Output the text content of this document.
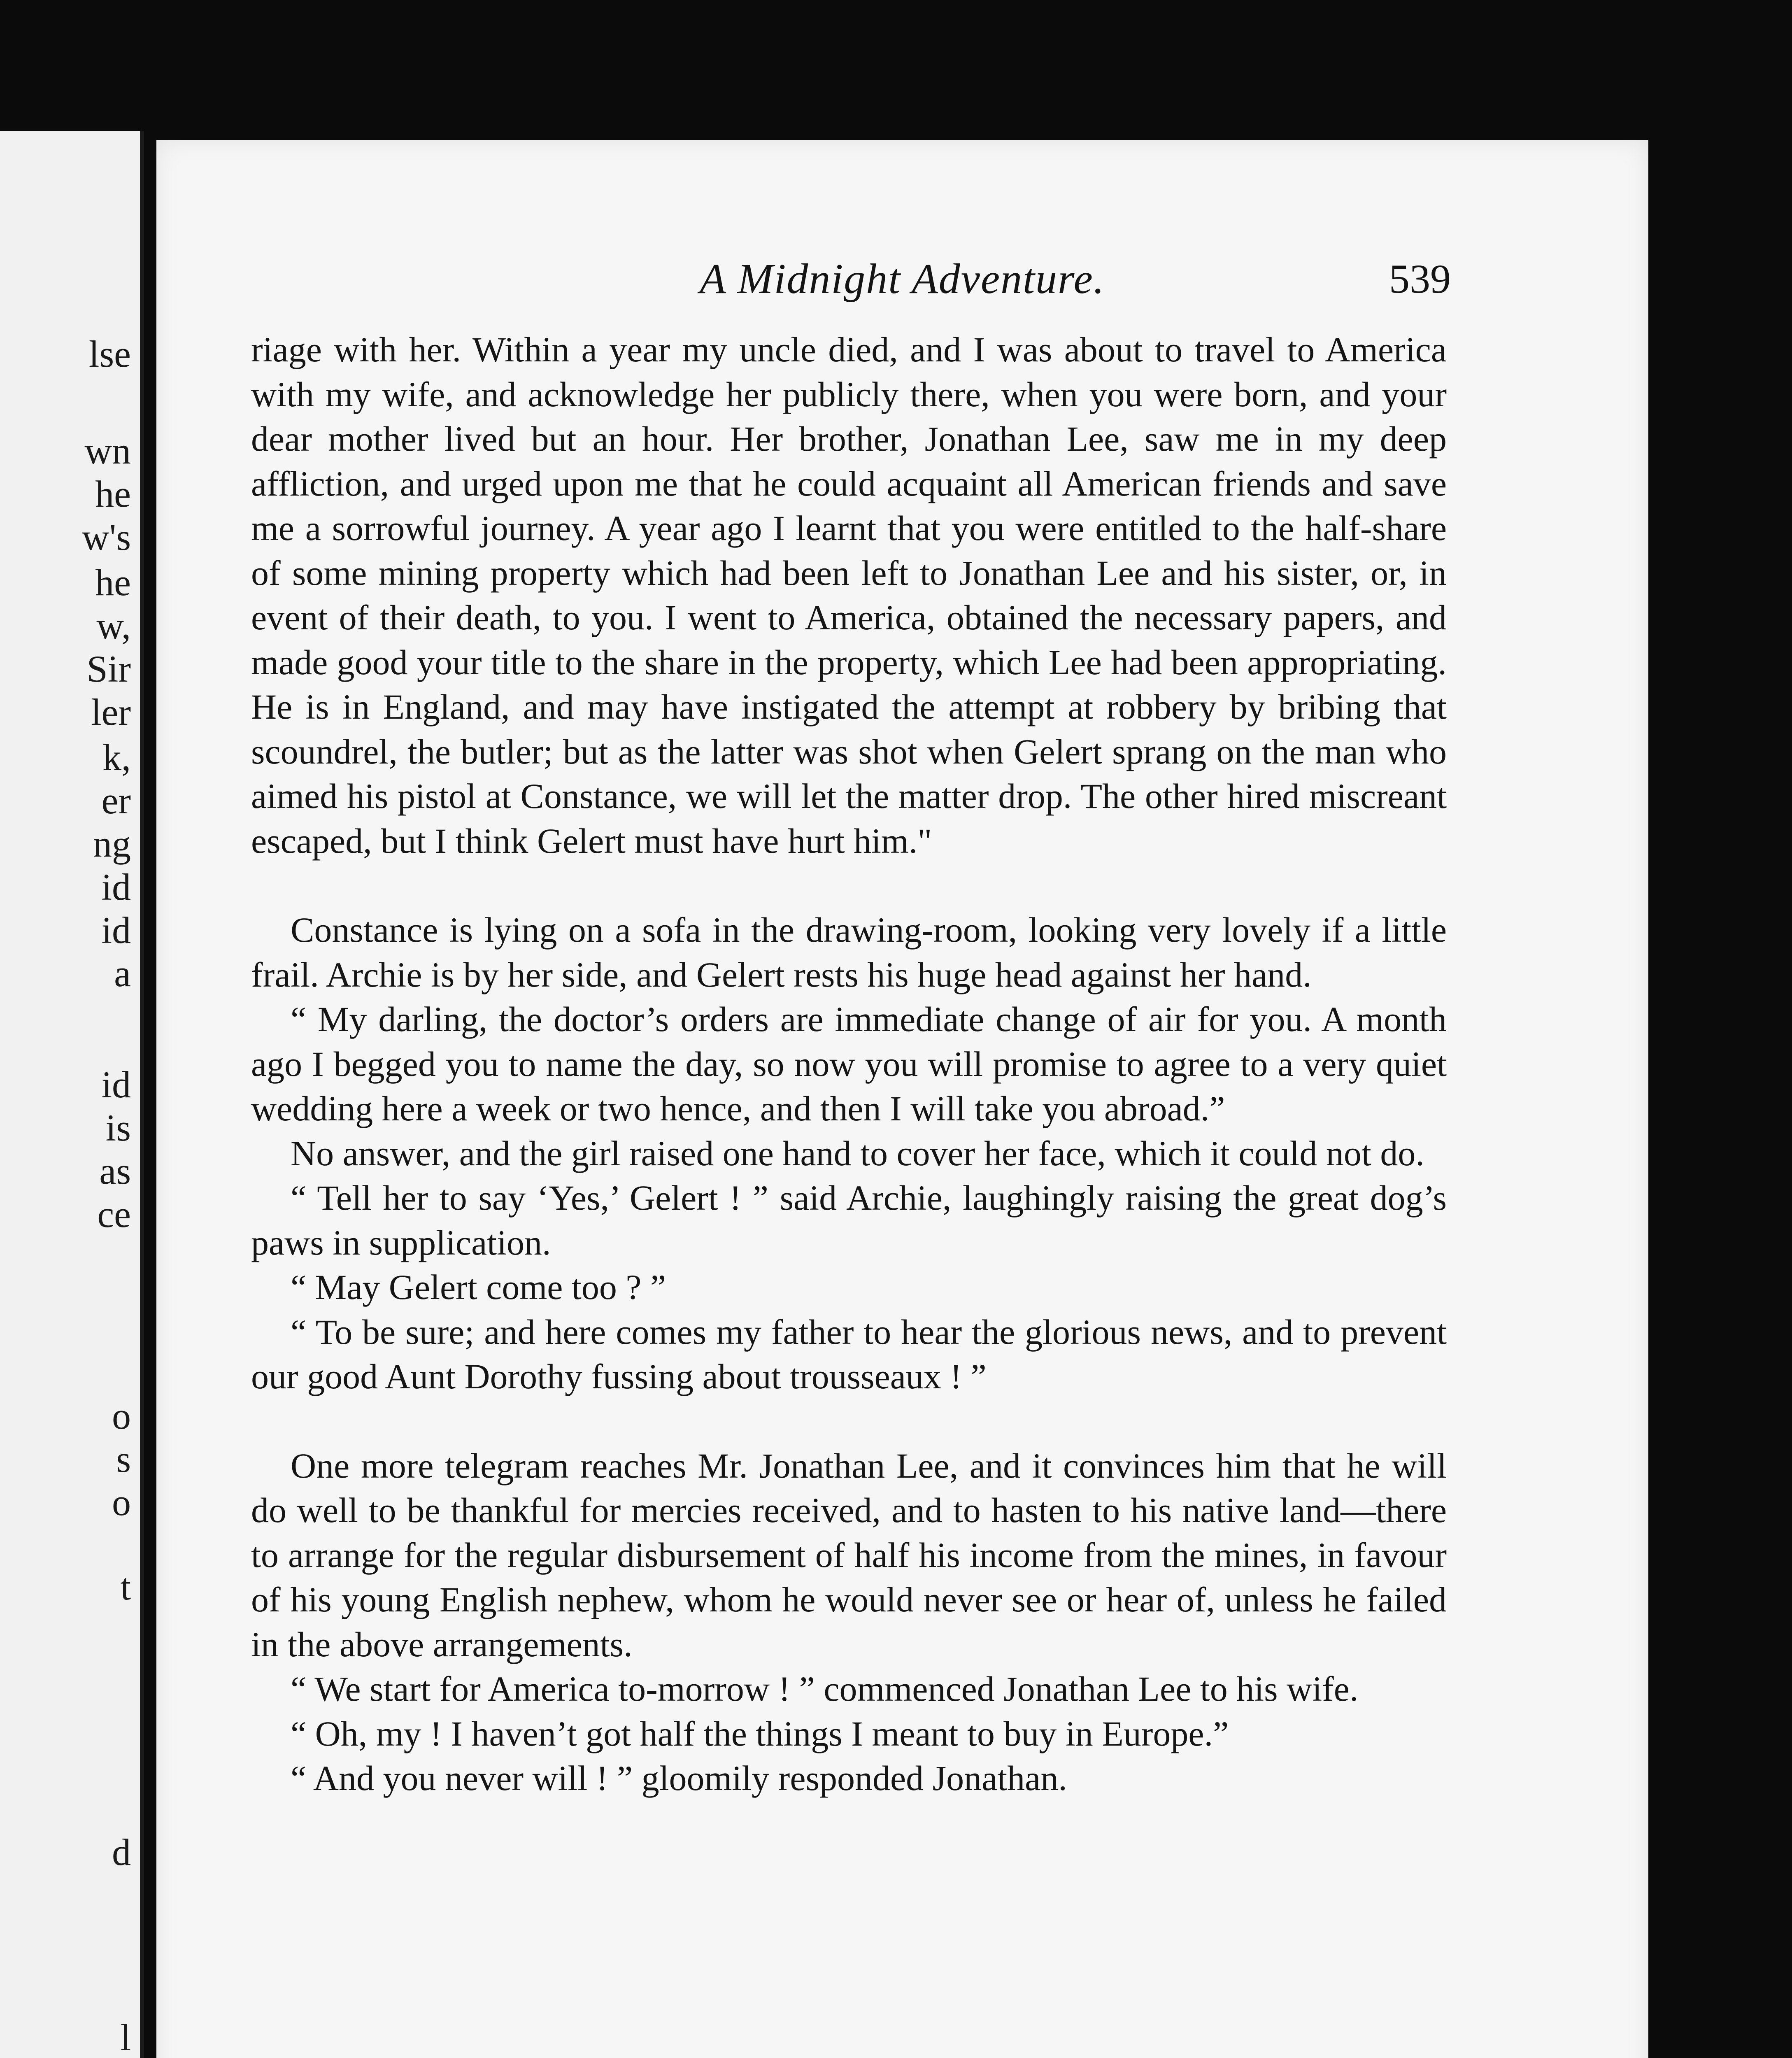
lse
wn
he
w's
he
w,
Sir
ler
k,
er
ng
id
id
a
id
is
as
ce
o
s
o
t
d
l
A Midnight Adventure.	539

riage with her. Within a year my uncle died, and I was about to travel to America with my wife, and acknowledge her publicly there, when you were born, and your dear mother lived but an hour. Her brother, Jonathan Lee, saw me in my deep affliction, and urged upon me that he could acquaint all American friends and save me a sorrowful journey. A year ago I learnt that you were entitled to the half-share of some mining property which had been left to Jonathan Lee and his sister, or, in event of their death, to you. I went to America, obtained the necessary papers, and made good your title to the share in the property, which Lee had been appropriating. He is in England, and may have instigated the attempt at robbery by bribing that scoundrel, the butler; but as the latter was shot when Gelert sprang on the man who aimed his pistol at Constance, we will let the matter drop. The other hired miscreant escaped, but I think Gelert must have hurt him."

Constance is lying on a sofa in the drawing-room, looking very lovely if a little frail. Archie is by her side, and Gelert rests his huge head against her hand.

“ My darling, the doctor’s orders are immediate change of air for you. A month ago I begged you to name the day, so now you will promise to agree to a very quiet wedding here a week or two hence, and then I will take you abroad.”

No answer, and the girl raised one hand to cover her face, which it could not do.

“ Tell her to say ‘Yes,’ Gelert ! ” said Archie, laughingly raising the great dog’s paws in supplication.

“ May Gelert come too ? ”

“ To be sure; and here comes my father to hear the glorious news, and to prevent our good Aunt Dorothy fussing about trousseaux ! ”

One more telegram reaches Mr. Jonathan Lee, and it convinces him that he will do well to be thankful for mercies received, and to hasten to his native land—there to arrange for the regular disbursement of half his income from the mines, in favour of his young English nephew, whom he would never see or hear of, unless he failed in the above arrangements.

“ We start for America to-morrow ! ” commenced Jonathan Lee to his wife.

“ Oh, my ! I haven’t got half the things I meant to buy in Europe.”

“ And you never will ! ” gloomily responded Jonathan.
